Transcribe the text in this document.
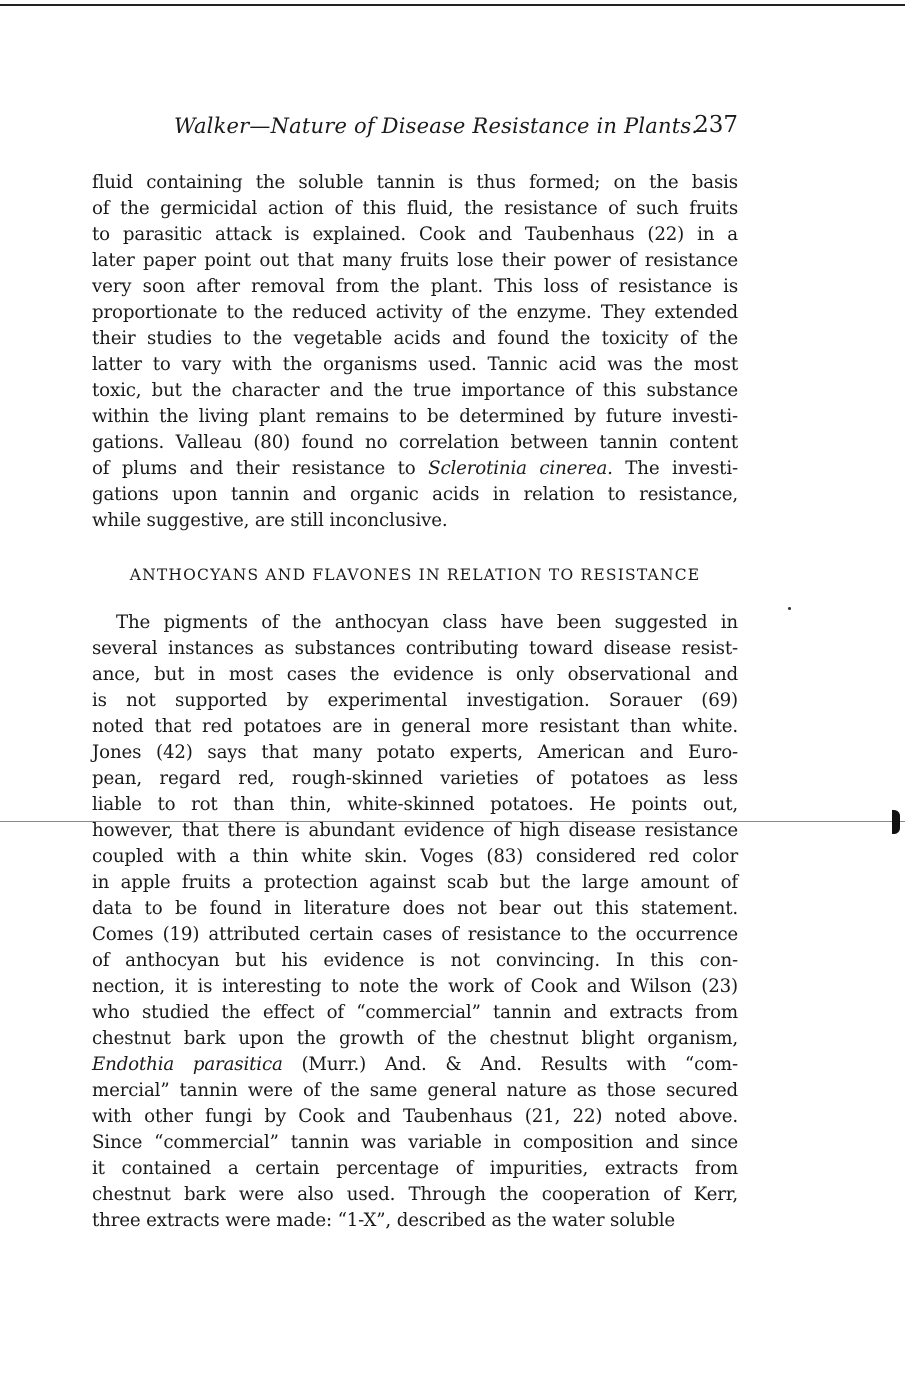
Walker—Nature of Disease Resistance in Plants.
237
fluid containing the soluble tannin is thus formed; on the basis
of the germicidal action of this fluid, the resistance of such fruits
to parasitic attack is explained. Cook and Taubenhaus (22) in a
later paper point out that many fruits lose their power of resistance
very soon after removal from the plant. This loss of resistance is
proportionate to the reduced activity of the enzyme. They extended
their studies to the vegetable acids and found the toxicity of the
latter to vary with the organisms used. Tannic acid was the most
toxic, but the character and the true importance of this substance
within the living plant remains to be determined by future investi-
gations. Valleau (80) found no correlation between tannin content
of plums and their resistance to Sclerotinia cinerea. The investi-
gations upon tannin and organic acids in relation to resistance,
while suggestive, are still inconclusive.
ANTHOCYANS AND FLAVONES IN RELATION TO RESISTANCE
The pigments of the anthocyan class have been suggested in
several instances as substances contributing toward disease resist-
ance, but in most cases the evidence is only observational and
is not supported by experimental investigation. Sorauer (69)
noted that red potatoes are in general more resistant than white.
Jones (42) says that many potato experts, American and Euro-
pean, regard red, rough-skinned varieties of potatoes as less
liable to rot than thin, white-skinned potatoes. He points out,
however, that there is abundant evidence of high disease resistance
coupled with a thin white skin. Voges (83) considered red color
in apple fruits a protection against scab but the large amount of
data to be found in literature does not bear out this statement.
Comes (19) attributed certain cases of resistance to the occurrence
of anthocyan but his evidence is not convincing. In this con-
nection, it is interesting to note the work of Cook and Wilson (23)
who studied the effect of “commercial” tannin and extracts from
chestnut bark upon the growth of the chestnut blight organism,
Endothia parasitica (Murr.) And. & And. Results with “com-
mercial” tannin were of the same general nature as those secured
with other fungi by Cook and Taubenhaus (21, 22) noted above.
Since “commercial” tannin was variable in composition and since
it contained a certain percentage of impurities, extracts from
chestnut bark were also used. Through the cooperation of Kerr,
three extracts were made: “1-X”, described as the water soluble
